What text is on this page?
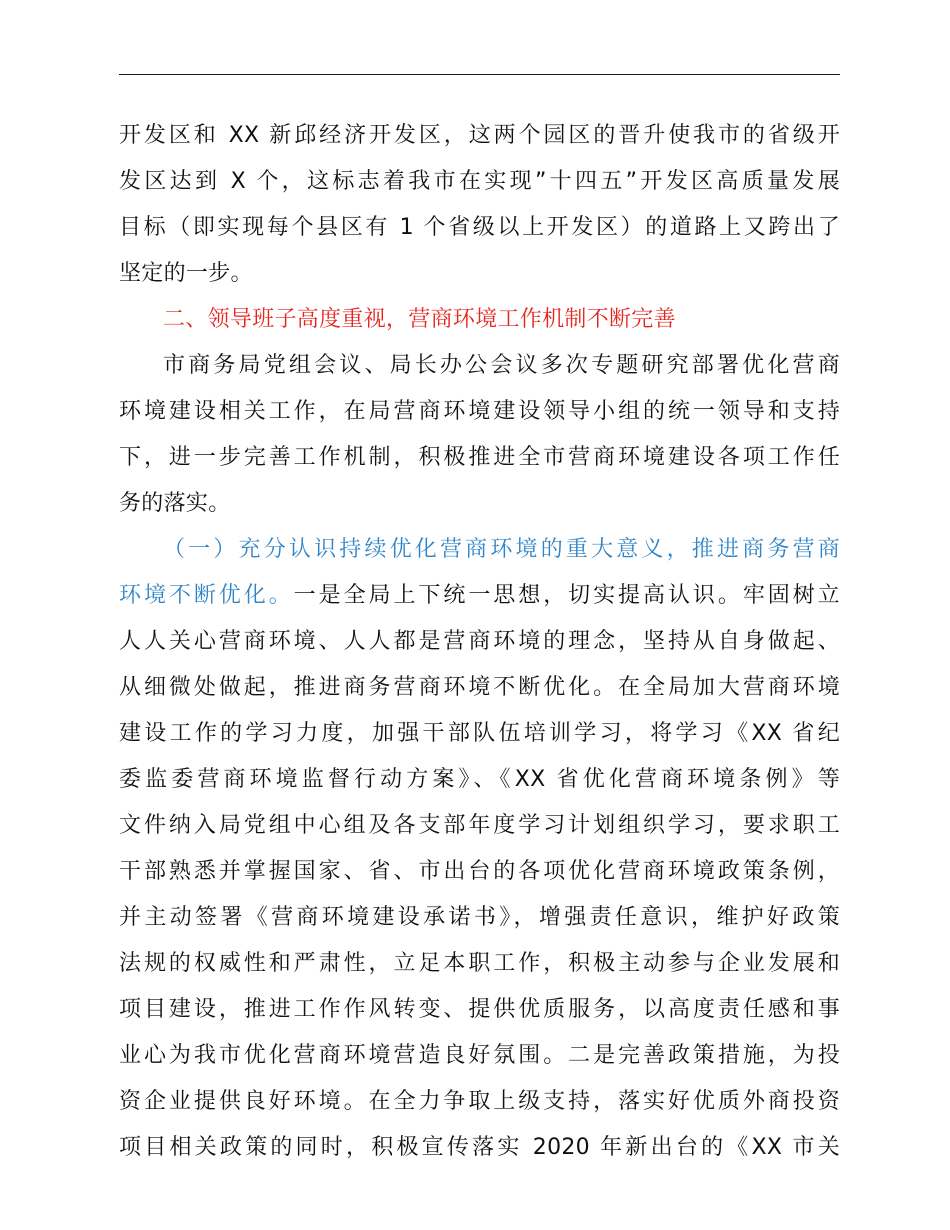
开发区和 XX 新邱经济开发区，这两个园区的晋升使我市的省级开
发区达到 X 个，这标志着我市在实现”十四五”开发区高质量发展
目标（即实现每个县区有 1 个省级以上开发区）的道路上又跨出了
坚定的一步。
二、领导班子高度重视，营商环境工作机制不断完善
市商务局党组会议、局长办公会议多次专题研究部署优化营商
环境建设相关工作，在局营商环境建设领导小组的统一领导和支持
下，进一步完善工作机制，积极推进全市营商环境建设各项工作任
务的落实。
（一）充分认识持续优化营商环境的重大意义，推进商务营商
环境不断优化。一是全局上下统一思想，切实提高认识。牢固树立
人人关心营商环境、人人都是营商环境的理念，坚持从自身做起、
从细微处做起，推进商务营商环境不断优化。在全局加大营商环境
建设工作的学习力度，加强干部队伍培训学习，将学习《XX 省纪
委监委营商环境监督行动方案》、《XX 省优化营商环境条例》等
文件纳入局党组中心组及各支部年度学习计划组织学习，要求职工
干部熟悉并掌握国家、省、市出台的各项优化营商环境政策条例，
并主动签署《营商环境建设承诺书》，增强责任意识，维护好政策
法规的权威性和严肃性，立足本职工作，积极主动参与企业发展和
项目建设，推进工作作风转变、提供优质服务，以高度责任感和事
业心为我市优化营商环境营造良好氛围。二是完善政策措施，为投
资企业提供良好环境。在全力争取上级支持，落实好优质外商投资
项目相关政策的同时，积极宣传落实 2020 年新出台的《XX 市关
